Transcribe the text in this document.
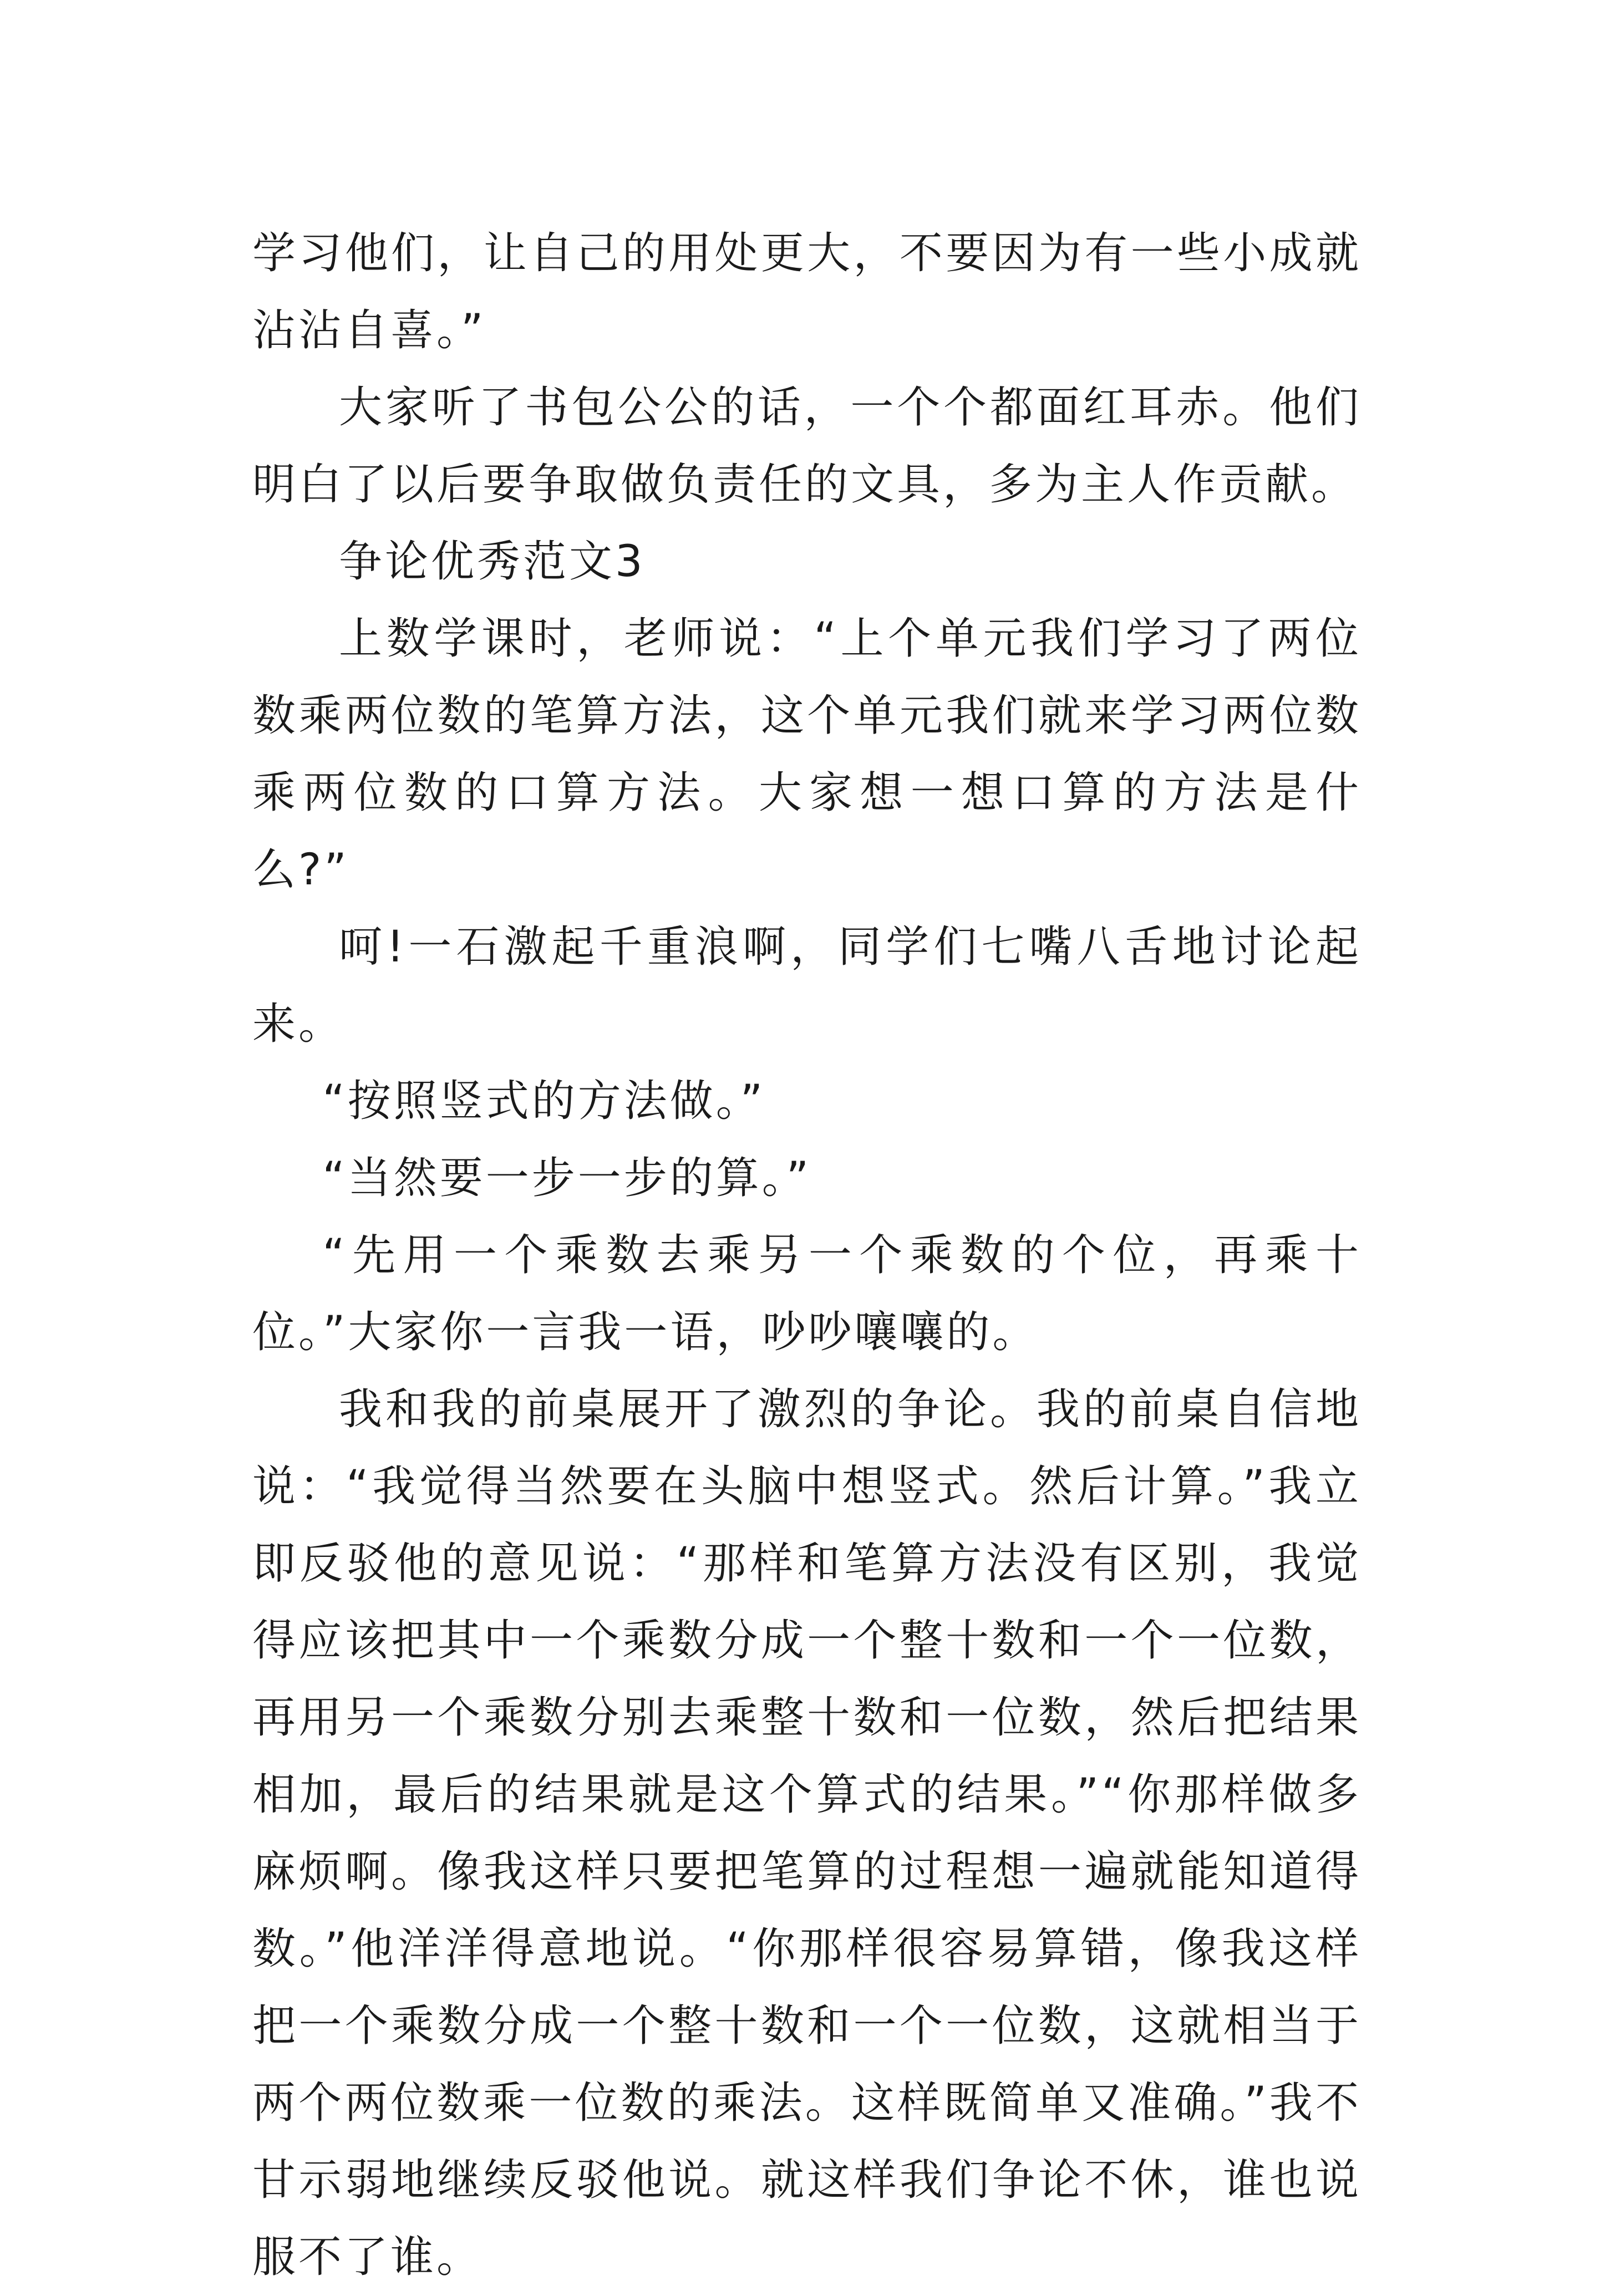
学习他们，让自己的用处更大，不要因为有一些小成就沾沾自喜。”

大家听了书包公公的话，一个个都面红耳赤。他们明白了以后要争取做负责任的文具，多为主人作贡献。

争论优秀范文3

上数学课时，老师说：“上个单元我们学习了两位数乘两位数的笔算方法，这个单元我们就来学习两位数乘两位数的口算方法。大家想一想口算的方法是什么?”

呵!一石激起千重浪啊，同学们七嘴八舌地讨论起来。

“按照竖式的方法做。”

“当然要一步一步的算。”

“先用一个乘数去乘另一个乘数的个位，再乘十位。”大家你一言我一语，吵吵嚷嚷的。

我和我的前桌展开了激烈的争论。我的前桌自信地说：“我觉得当然要在头脑中想竖式。然后计算。”我立即反驳他的意见说：“那样和笔算方法没有区别，我觉得应该把其中一个乘数分成一个整十数和一个一位数，再用另一个乘数分别去乘整十数和一位数，然后把结果相加，最后的结果就是这个算式的结果。”“你那样做多麻烦啊。像我这样只要把笔算的过程想一遍就能知道得数。”他洋洋得意地说。“你那样很容易算错，像我这样把一个乘数分成一个整十数和一个一位数，这就相当于两个两位数乘一位数的乘法。这样既简单又准确。”我不甘示弱地继续反驳他说。就这样我们争论不休，谁也说服不了谁。
